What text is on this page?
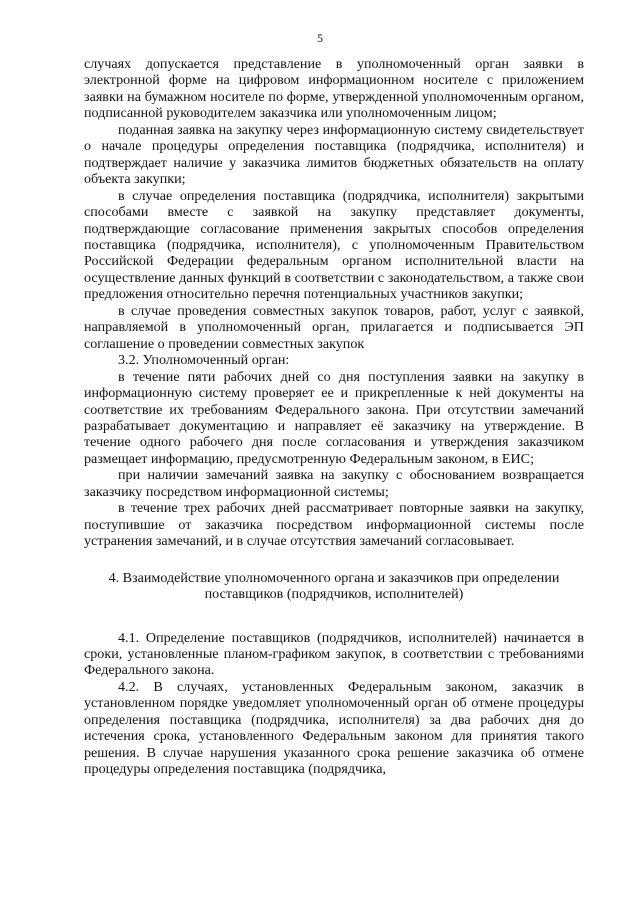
5

случаях допускается представление в уполномоченный орган заявки в электронной форме на цифровом информационном носителе с приложением заявки на бумажном носителе по форме, утвержденной уполномоченным органом, подписанной руководителем заказчика или уполномоченным лицом;

поданная заявка на закупку через информационную систему свидетельствует о начале процедуры определения поставщика (подрядчика, исполнителя) и подтверждает наличие у заказчика лимитов бюджетных обязательств на оплату объекта закупки;

в случае определения поставщика (подрядчика, исполнителя) закрытыми способами вместе с заявкой на закупку представляет документы, подтверждающие согласование применения закрытых способов определения поставщика (подрядчика, исполнителя), с уполномоченным Правительством Российской Федерации федеральным органом исполнительной власти на осуществление данных функций в соответствии с законодательством, а также свои предложения относительно перечня потенциальных участников закупки;

в случае проведения совместных закупок товаров, работ, услуг с заявкой, направляемой в уполномоченный орган, прилагается и подписывается ЭП соглашение о проведении совместных закупок

3.2. Уполномоченный орган:

в течение пяти рабочих дней со дня поступления заявки на закупку в информационную систему проверяет ее и прикрепленные к ней документы на соответствие их требованиям Федерального закона. При отсутствии замечаний разрабатывает документацию и направляет её заказчику на утверждение. В течение одного рабочего дня после согласования и утверждения заказчиком размещает информацию, предусмотренную Федеральным законом, в ЕИС;

при наличии замечаний заявка на закупку с обоснованием возвращается заказчику посредством информационной системы;

в течение трех рабочих дней рассматривает повторные заявки на закупку, поступившие от заказчика посредством информационной системы после устранения замечаний, и в случае отсутствия замечаний согласовывает.

4. Взаимодействие уполномоченного органа и заказчиков при определении поставщиков (подрядчиков, исполнителей)

4.1. Определение поставщиков (подрядчиков, исполнителей) начинается в сроки, установленные планом-графиком закупок, в соответствии с требованиями Федерального закона.

4.2. В случаях, установленных Федеральным законом, заказчик в установленном порядке уведомляет уполномоченный орган об отмене процедуры определения поставщика (подрядчика, исполнителя) за два рабочих дня до истечения срока, установленного Федеральным законом для принятия такого решения. В случае нарушения указанного срока решение заказчика об отмене процедуры определения поставщика (подрядчика,
